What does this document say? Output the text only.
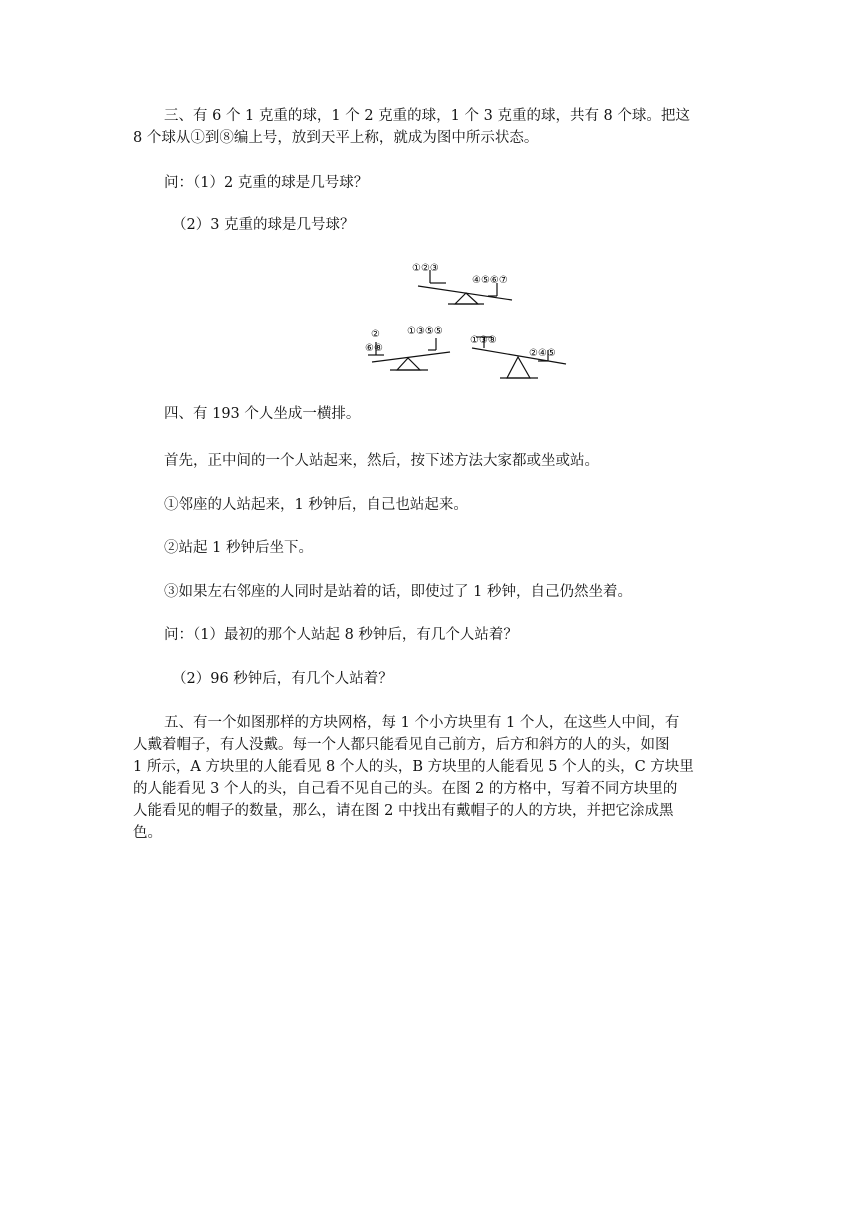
三、有 6 个 1 克重的球，1 个 2 克重的球，1 个 3 克重的球，共有 8 个球。把这
8 个球从①到⑧编上号，放到天平上称，就成为图中所示状态。
问：（1）2 克重的球是几号球？
（2）3 克重的球是几号球？
①②③
④⑤⑥⑦
②
⑥⑧
①③⑤⑤
①③⑧
②④⑤
四、有 193 个人坐成一横排。
首先，正中间的一个人站起来，然后，按下述方法大家都或坐或站。
①邻座的人站起来，1 秒钟后，自己也站起来。
②站起 1 秒钟后坐下。
③如果左右邻座的人同时是站着的话，即使过了 1 秒钟，自己仍然坐着。
问：（1）最初的那个人站起 8 秒钟后，有几个人站着？
（2）96 秒钟后，有几个人站着？
五、有一个如图那样的方块网格，每 1 个小方块里有 1 个人，在这些人中间，有
人戴着帽子，有人没戴。每一个人都只能看见自己前方，后方和斜方的人的头，如图
1 所示，A 方块里的人能看见 8 个人的头，B 方块里的人能看见 5 个人的头，C 方块里
的人能看见 3 个人的头，自己看不见自己的头。在图 2 的方格中，写着不同方块里的
人能看见的帽子的数量，那么，请在图 2 中找出有戴帽子的人的方块，并把它涂成黑
色。
